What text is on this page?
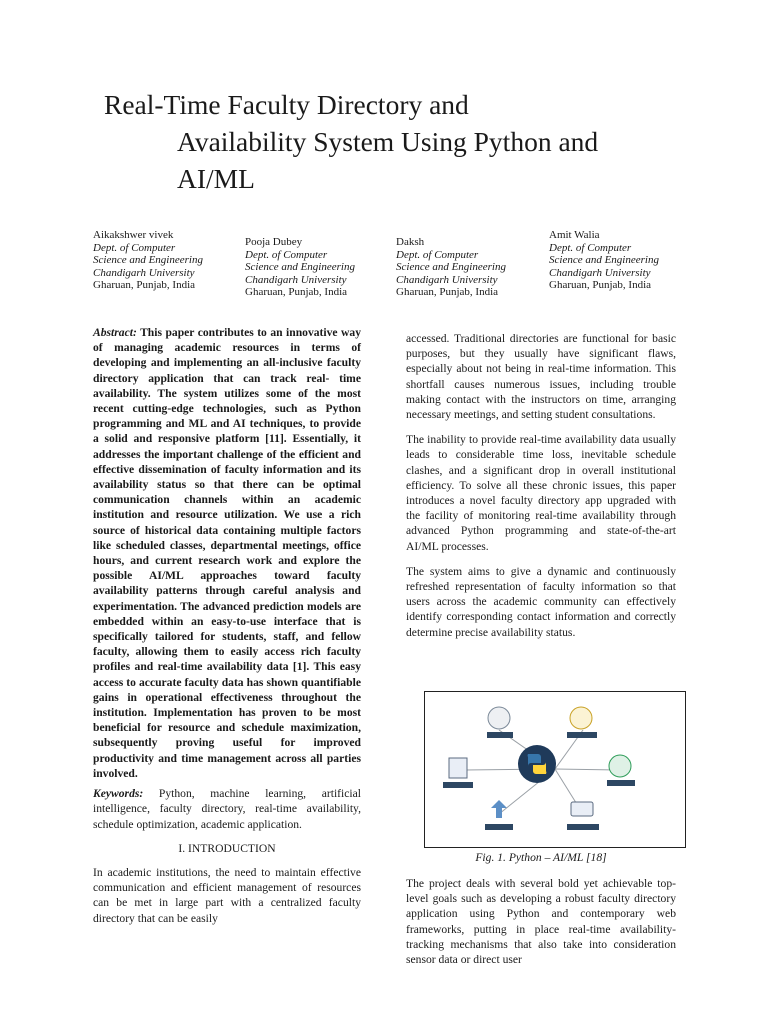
Real-Time Faculty Directory and
Availability System Using Python and
AI/ML
Aikakshwer vivek
Dept. of Computer
Science and Engineering
Chandigarh University
Gharuan, Punjab, India
Pooja Dubey
Dept. of Computer
Science and Engineering
Chandigarh University
Gharuan, Punjab, India
Daksh
Dept. of Computer
Science and Engineering
Chandigarh University
Gharuan, Punjab, India
Amit Walia
Dept. of Computer
Science and Engineering
Chandigarh University
Gharuan, Punjab, India

Abstract: This paper contributes to an innovative way of managing academic resources in terms of developing and implementing an all-inclusive faculty directory application that can track real- time availability. The system utilizes some of the most recent cutting-edge technologies, such as Python programming and ML and AI techniques, to provide a solid and responsive platform [11]. Essentially, it addresses the important challenge of the efficient and effective dissemination of faculty information and its availability status so that there can be optimal communication channels within an academic institution and resource utilization. We use a rich source of historical data containing multiple factors like scheduled classes, departmental meetings, office hours, and current research work and explore the possible AI/ML approaches toward faculty availability patterns through careful analysis and experimentation. The advanced prediction models are embedded within an easy-to-use interface that is specifically tailored for students, staff, and fellow faculty, allowing them to easily access rich faculty profiles and real-time availability data [1]. This easy access to accurate faculty data has shown quantifiable gains in operational effectiveness throughout the institution. Implementation has proven to be most beneficial for resource and schedule maximization, subsequently proving useful for improved productivity and time management across all parties involved.

Keywords: Python, machine learning, artificial intelligence, faculty directory, real-time availability, schedule optimization, academic application.

I. INTRODUCTION

In academic institutions, the need to maintain effective communication and efficient management of resources can be met in large part with a centralized faculty directory that can be easily

accessed. Traditional directories are functional for basic purposes, but they usually have significant flaws, especially about not being in real-time information. This shortfall causes numerous issues, including trouble making contact with the instructors on time, arranging necessary meetings, and setting student consultations.

The inability to provide real-time availability data usually leads to considerable time loss, inevitable schedule clashes, and a significant drop in overall institutional efficiency. To solve all these chronic issues, this paper introduces a novel faculty directory app upgraded with the facility of monitoring real-time availability through advanced Python programming and state-of-the-art AI/ML processes.

The system aims to give a dynamic and continuously refreshed representation of faculty information so that users across the academic community can effectively identify corresponding contact information and correctly determine precise availability status.

Fig. 1. Python – AI/ML [18]

The project deals with several bold yet achievable top-level goals such as developing a robust faculty directory application using Python and contemporary web frameworks, putting in place real-time availability-tracking mechanisms that also take into consideration sensor data or direct user
